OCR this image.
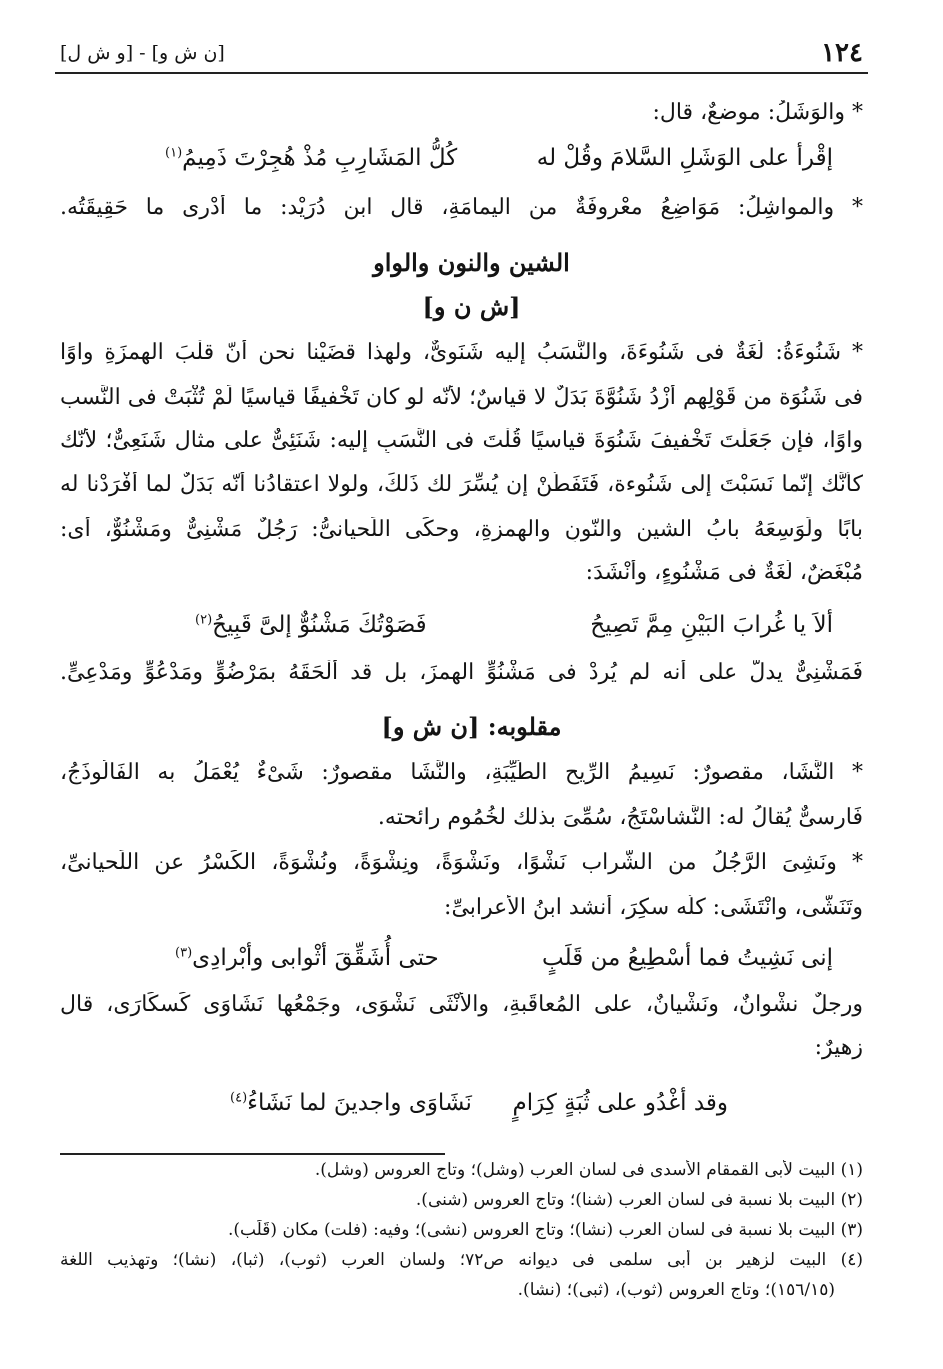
١٢٤
[و ش ل] - [ن ش و]
* والوَشَلُ: موضعٌ، قال:
إقْرأ على الوَشَلِ السَّلامَ وقُلْ له
كُلُّ المَشَارِبِ مُذْ هُجِرْتَ ذَمِيمُ$^{(١)}$
* والمواشِلُ: مَوَاضِعُ معْروفَةٌ من اليمامَةِ، قال ابن دُرَيْد: ما أدْرى ما حَقِيقَتُه.
الشين والنون والواو
[ش ن و]
* شَنُوءَةُ: لُغَةٌ فى شَنُوءَةَ، والنَّسَبُ إليه شَنَوِىٌّ، ولهذا قضَيْنا نحن أنّ قلْبَ الهمزَةِ واوًا
فى شَنُوَة من قَوْلِهم أزْدُ شَنُوَّةَ بَدَلٌ لا قياسٌ؛ لأنّه لو كان تَخْفيفًا قياسيًا لَمْ تُثْبَتْ فى النَّسب
واوًا، فإن جَعَلْتَ تَخْفيفَ شَنُوَةَ قياسيًا قُلْتَ فى النَّسَبِ إليه: شَنَئِىٌّ على مثال شَنَعِىٌّ؛ لأنّك
كأنَّك إنّما نَسَبْتَ إلى شَنُوءة، فَتَفَطَّنْ إن يُسِّرَ لك ذَلكَ، ولولا اعتقادُنا أنّه بَدَلٌ لما أفْرَدْنا له
بابًا ولَوَسِعَهُ بابُ الشينِ والنّونِ والهمزةِ، وحكَى اللِّحيانىُّ: رَجُلٌ مَشْنِىٌّ ومَشْنُوٌّ، أى:
مُبْغَضٌ، لُغَةٌ فى مَشْنُوءٍ، وأنْشَدَ:
ألاَ يا غُرابَ البَيْنِ مِمَّ تَصِيحُ
فَصَوْتُكَ مَشْنُوٌّ إلىَّ قَبِيحُ$^{(٢)}$
فَمَشْنِىٌّ يدلُّ على أنه لم يُرِدْ فى مَشْنُوٍّ الهمزَ، بل قد ألْحَقَهُ بمَرْضُوٍّ ومَدْعُوٍّ ومَدْعِىٍّ.
مقلوبه: [ن ش و]
* النَّشَا، مقصورٌ: نَسِيمُ الرِّيحِ الطَّيِّبَةِ، والنَّشَا مقصورٌ: شَىْءٌ يُعْمَلُ به الفَالُوذَجُ،
فَارِسىٌّ يُقالُ له: النَّشاسْتَجُ، سُمِّىَ بذلك لخُمُومِ رائحته.
* ونَشِىَ الرَّجُلُ من الشَّراب نَشْوًا، ونَشْوَةً، ونِشْوَةً، ونُشْوَةً، الكَسْرُ عن اللِّحيانىِّ،
وتَنَشَّى، وانْتَشَى: كلُّه سكِرَ، أنشد ابنُ الأعرابىِّ:
إنى نَشِيتُ فما أسْطِيعُ من قَلَبٍ
حتى أُشَقِّقَ أثْوابى وأبْرادِى$^{(٣)}$
ورجلٌ نشْوانٌ، ونَشْيانٌ، على المُعاقَبةِ، والأُنْثَى نَشْوَى، وجَمْعُها نَشَاوَى كَسكَارَى، قال
زهيرٌ:
وقد أغْدُو على ثُبَةٍ كِرَامٍ
نَشَاوَى واجدينَ لما نَشَاءُ$^{(٤)}$
(١) البيت لأبى القمقام الأسدى فى لسان العرب (وشل)؛ وتاج العروس (وشل).
(٢) البيت بلا نسبة فى لسان العرب (شنا)؛ وتاج العروس (شنى).
(٣) البيت بلا نسبة فى لسان العرب (نشا)؛ وتاج العروس (نشى)؛ وفيه: (فلت) مكان (قَلَب).
(٤) البيت لزهير بن أبى سلمى فى ديوانه ص٧٢؛ ولسان العرب (ثوب)، (ثبا)، (نشا)؛ وتهذيب اللغة
(١٥٦/١٥)؛ وتاج العروس (ثوب)، (ثبى)؛ (نشا).
